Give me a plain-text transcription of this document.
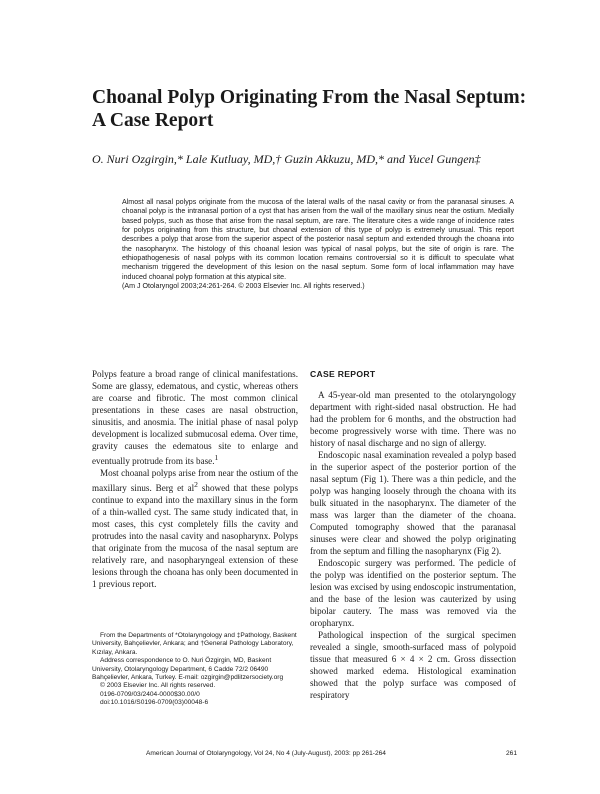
Choanal Polyp Originating From the Nasal Septum:
A Case Report

O. Nuri Ozgirgin,* Lale Kutluay, MD,† Guzin Akkuzu, MD,* and Yucel Gungen‡

Almost all nasal polyps originate from the mucosa of the lateral walls of the nasal cavity or from the paranasal sinuses. A choanal polyp is the intranasal portion of a cyst that has arisen from the wall of the maxillary sinus near the ostium. Medially based polyps, such as those that arise from the nasal septum, are rare. The literature cites a wide range of incidence rates for polyps originating from this structure, but choanal extension of this type of polyp is extremely unusual. This report describes a polyp that arose from the superior aspect of the posterior nasal septum and extended through the choana into the nasopharynx. The histology of this choanal lesion was typical of nasal polyps, but the site of origin is rare. The ethiopathogenesis of nasal polyps with its common location remains controversial so it is difficult to speculate what mechanism triggered the development of this lesion on the nasal septum. Some form of local inflammation may have induced choanal polyp formation at this atypical site.
(Am J Otolaryngol 2003;24:261-264. © 2003 Elsevier Inc. All rights reserved.)

Polyps feature a broad range of clinical manifestations. Some are glassy, edematous, and cystic, whereas others are coarse and fibrotic. The most common clinical presentations in these cases are nasal obstruction, sinusitis, and anosmia. The initial phase of nasal polyp development is localized submucosal edema. Over time, gravity causes the edematous site to enlarge and eventually protrude from its base.$^1$

Most choanal polyps arise from near the ostium of the maxillary sinus. Berg et $al^2$ showed that these polyps continue to expand into the maxillary sinus in the form of a thin-walled cyst. The same study indicated that, in most cases, this cyst completely fills the cavity and protrudes into the nasal cavity and nasopharynx. Polyps that originate from the mucosa of the nasal septum are relatively rare, and nasopharyngeal extension of these lesions through the choana has only been documented in 1 previous report.

From the Departments of *Otolaryngology and ‡Pathology, Baskent University, Bahçelievler, Ankara; and †General Pathology Laboratory, Kızılay, Ankara.

Address correspondence to O. Nuri Özgirgin, MD, Baskent University, Otolaryngology Department, 6 Cadde 72/2 06490 Bahçelievler, Ankara, Turkey. E-mail: ozgirgin@pdlitzersociety.org

© 2003 Elsevier Inc. All rights reserved.

0196-0709/03/2404-0000$30.00/0

doi:10.1016/S0196-0709(03)00048-6

CASE REPORT

A 45-year-old man presented to the otolaryngology department with right-sided nasal obstruction. He had had the problem for 6 months, and the obstruction had become progressively worse with time. There was no history of nasal discharge and no sign of allergy.

Endoscopic nasal examination revealed a polyp based in the superior aspect of the posterior portion of the nasal septum (Fig 1). There was a thin pedicle, and the polyp was hanging loosely through the choana with its bulk situated in the nasopharynx. The diameter of the mass was larger than the diameter of the choana. Computed tomography showed that the paranasal sinuses were clear and showed the polyp originating from the septum and filling the nasopharynx (Fig 2).

Endoscopic surgery was performed. The pedicle of the polyp was identified on the posterior septum. The lesion was excised by using endoscopic instrumentation, and the base of the lesion was cauterized by using bipolar cautery. The mass was removed via the oropharynx.

Pathological inspection of the surgical specimen revealed a single, smooth-surfaced mass of polypoid tissue that measured 6 × 4 × 2 cm. Gross dissection showed marked edema. Histological examination showed that the polyp surface was composed of respiratory

American Journal of Otolaryngology, Vol 24, No 4 (July-August), 2003: pp 261-264	261
